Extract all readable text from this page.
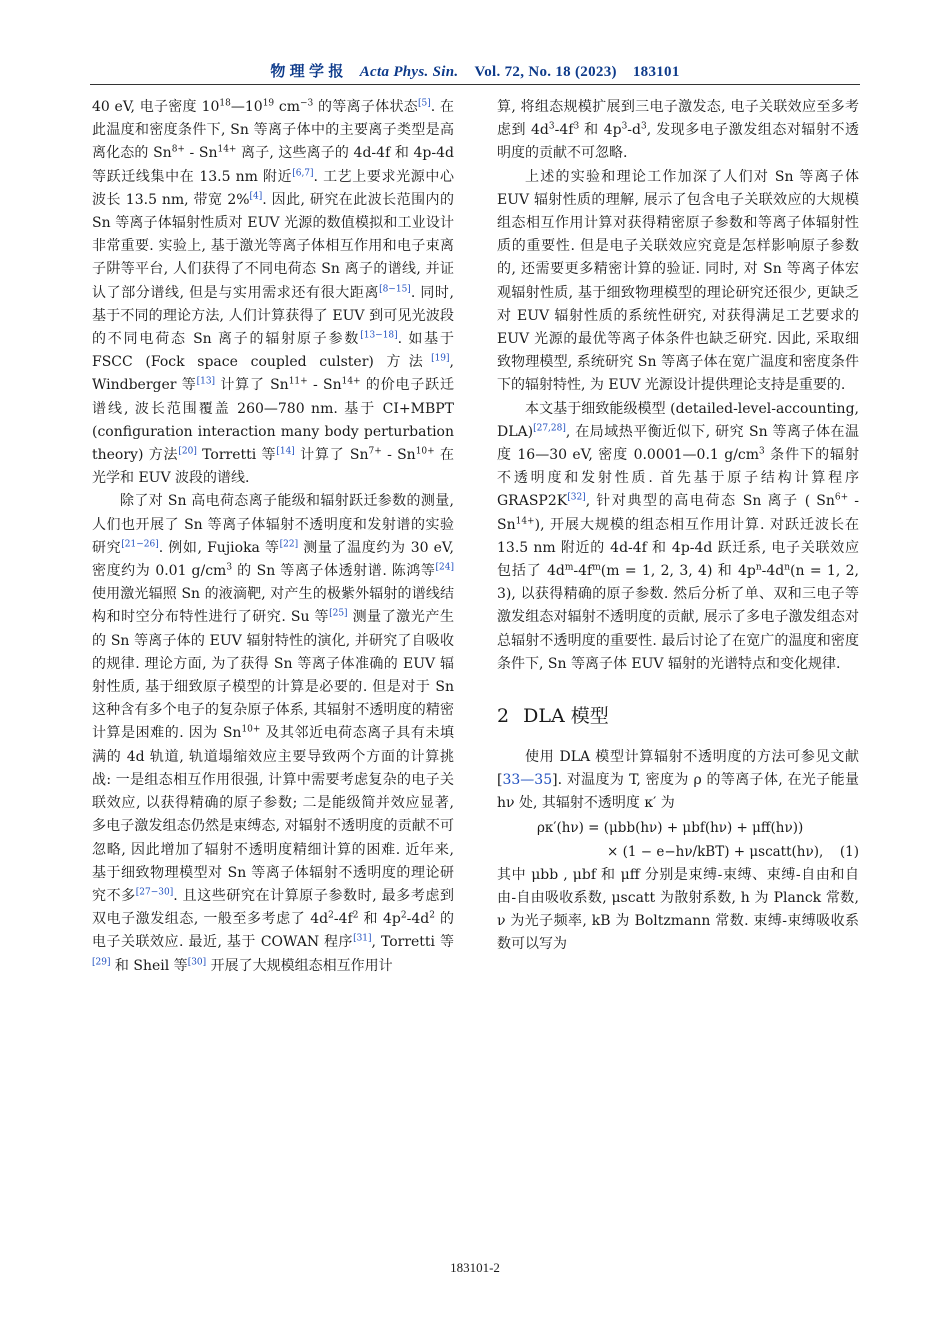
物 理 学 报 Acta Phys. Sin. Vol. 72, No. 18 (2023) 183101

40 eV, 电子密度 $10^{18}—10^{19}$ $cm^{-3}$ 的等离子体状态[5]. 在此温度和密度条件下, Sn 等离子体中的主要离子类型是高离化态的 $Sn^{8+} - Sn^{14+}$ 离子, 这些离子的 4d-4f 和 4p-4d 等跃迁线集中在 13.5 nm 附近[6,7]. 工艺上要求光源中心波长 13.5 nm, 带宽 2%[4]. 因此, 研究在此波长范围内的 Sn 等离子体辐射性质对 EUV 光源的数值模拟和工业设计非常重要. 实验上, 基于激光等离子体相互作用和电子束离子阱等平台, 人们获得了不同电荷态 Sn 离子的谱线, 并证认了部分谱线, 但是与实用需求还有很大距离[8−15]. 同时, 基于不同的理论方法, 人们计算获得了 EUV 到可见光波段的不同电荷态 Sn 离子的辐射原子参数[13−18]. 如基于 FSCC (Fock space coupled culster) 方法[19], Windberger 等[13] 计算了 $Sn^{11+} - Sn^{14+}$ 的价电子跃迁谱线, 波长范围覆盖 260—780 nm. 基于 CI+MBPT (configuration interaction many body perturbation theory) 方法[20] Torretti 等[14] 计算了 $Sn^{7+} - Sn^{10+}$ 在光学和 EUV 波段的谱线.

除了对 Sn 高电荷态离子能级和辐射跃迁参数的测量, 人们也开展了 Sn 等离子体辐射不透明度和发射谱的实验研究[21−26]. 例如, Fujioka 等[22] 测量了温度约为 30 eV, 密度约为 0.01 $g/cm^3$ 的 Sn 等离子体透射谱. 陈鸿等[24] 使用激光辐照 Sn 的液滴靶, 对产生的极紫外辐射的谱线结构和时空分布特性进行了研究. Su 等[25] 测量了激光产生的 Sn 等离子体的 EUV 辐射特性的演化, 并研究了自吸收的规律. 理论方面, 为了获得 Sn 等离子体准确的 EUV 辐射性质, 基于细致原子模型的计算是必要的. 但是对于 Sn 这种含有多个电子的复杂原子体系, 其辐射不透明度的精密计算是困难的. 因为 $Sn^{10+}$ 及其邻近电荷态离子具有未填满的 4d 轨道, 轨道塌缩效应主要导致两个方面的计算挑战: 一是组态相互作用很强, 计算中需要考虑复杂的电子关联效应, 以获得精确的原子参数; 二是能级简并效应显著, 多电子激发组态仍然是束缚态, 对辐射不透明度的贡献不可忽略, 因此增加了辐射不透明度精细计算的困难. 近年来, 基于细致物理模型对 Sn 等离子体辐射不透明度的理论研究不多[27−30]. 且这些研究在计算原子参数时, 最多考虑到双电子激发组态, 一般至多考虑了 $4d^2-4f^2$ 和 $4p^2-4d^2$ 的电子关联效应. 最近, 基于 COWAN 程序[31], Torretti 等[29] 和 Sheil 等[30] 开展了大规模组态相互作用计

算, 将组态规模扩展到三电子激发态, 电子关联效应至多考虑到 $4d^3-4f^3$ 和 $4p^3-d^3$, 发现多电子激发组态对辐射不透明度的贡献不可忽略.

上述的实验和理论工作加深了人们对 Sn 等离子体 EUV 辐射性质的理解, 展示了包含电子关联效应的大规模组态相互作用计算对获得精密原子参数和等离子体辐射性质的重要性. 但是电子关联效应究竟是怎样影响原子参数的, 还需要更多精密计算的验证. 同时, 对 Sn 等离子体宏观辐射性质, 基于细致物理模型的理论研究还很少, 更缺乏对 EUV 辐射性质的系统性研究, 对获得满足工艺要求的 EUV 光源的最优等离子体条件也缺乏研究. 因此, 采取细致物理模型, 系统研究 Sn 等离子体在宽广温度和密度条件下的辐射特性, 为 EUV 光源设计提供理论支持是重要的.

本文基于细致能级模型 (detailed-level-accounting, DLA)[27,28], 在局域热平衡近似下, 研究 Sn 等离子体在温度 16—30 eV, 密度 0.0001—0.1 $g/cm^3$ 条件下的辐射不透明度和发射性质. 首先基于原子结构计算程序 GRASP2K[32], 针对典型的高电荷态 Sn 离子 ( $Sn^{6+} - Sn^{14+}$), 开展大规模的组态相互作用计算. 对跃迁波长在 13.5 nm 附近的 4d-4f 和 4p-4d 跃迁系, 电子关联效应包括了 $4d^m-4f^m(m = 1$, 2, 3, 4) 和 $4p^n-4d^n(n = 1$, 2, 3), 以获得精确的原子参数. 然后分析了单、双和三电子等激发组态对辐射不透明度的贡献, 展示了多电子激发组态对总辐射不透明度的重要性. 最后讨论了在宽广的温度和密度条件下, Sn 等离子体 EUV 辐射的光谱特点和变化规律.

2 DLA 模型

使用 DLA 模型计算辐射不透明度的方法可参见文献 [33—35]. 对温度为 T, 密度为 ρ 的等离子体, 在光子能量 hν 处, 其辐射不透明度 κ′ 为

ρκ′(hν) = (μbb(hν) + μbf(hν) + μff(hν))
× (1 − e−hν/kBT) + μscatt(hν), (1)

其中 μbb , μbf 和 μff 分别是束缚-束缚、束缚-自由和自由-自由吸收系数, μscatt 为散射系数, h 为 Planck 常数, ν 为光子频率, kB 为 Boltzmann 常数. 束缚-束缚吸收系数可以写为

183101-2
